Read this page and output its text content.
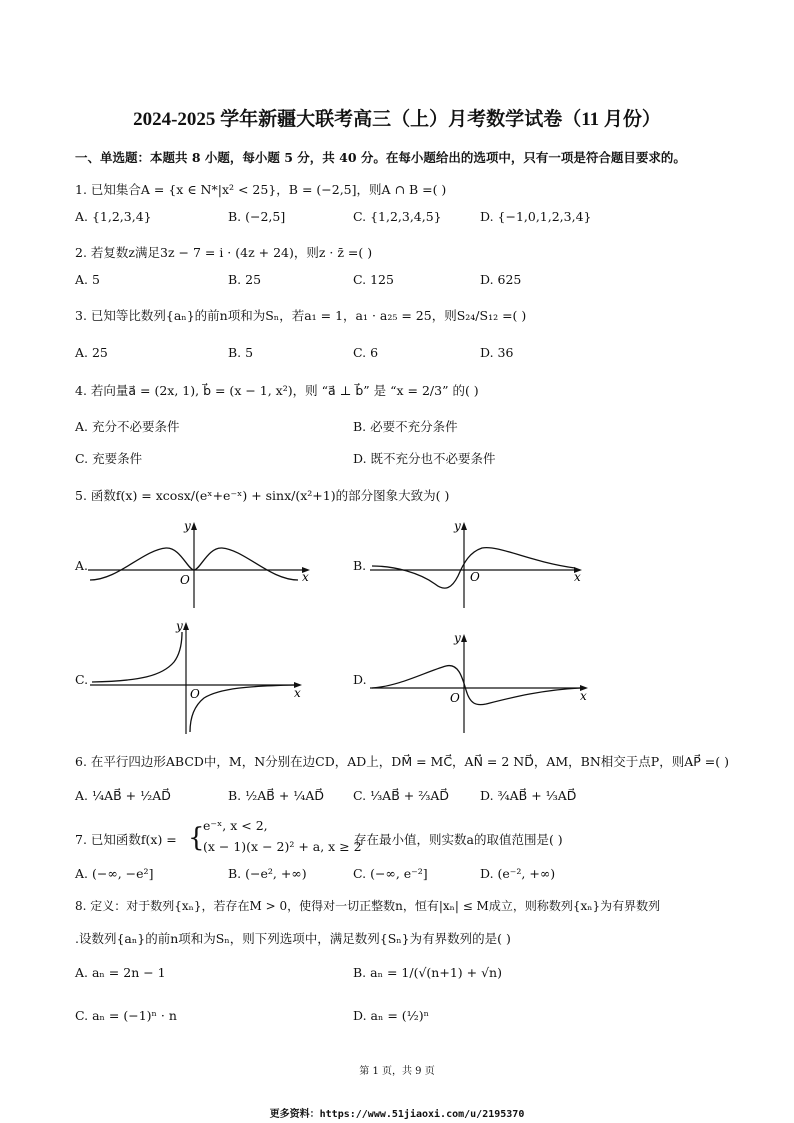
2024-2025 学年新疆大联考高三（上）月考数学试卷（11 月份）
一、单选题：本题共 8 小题，每小题 5 分，共 40 分。在每小题给出的选项中，只有一项是符合题目要求的。
1. 已知集合A = {x ∈ N*|x² < 25}，B = (−2,5]，则A ∩ B =( )
A. {1,2,3,4}	B. (−2,5]	C. {1,2,3,4,5}	D. {−1,0,1,2,3,4}
2. 若复数z满足3z − 7 = i · (4z + 24)，则z · z̄ =( )
A. 5	B. 25	C. 125	D. 625
3. 已知等比数列{aₙ}的前n项和为Sₙ，若a₁ = 1，a₁ · a₂₅ = 25，则S₂₄/S₁₂ =( )
A. 25	B. 5	C. 6	D. 36
4. 若向量a⃗ = (2x, 1), b⃗ = (x − 1, x²)，则 “a⃗ ⊥ b⃗” 是 “x = 2/3” 的( )
A. 充分不必要条件	B. 必要不充分条件
C. 充要条件	D. 既不充分也不必要条件
5. 函数f(x) = xcosx/(eˣ+e⁻ˣ) + sinx/(x²+1)的部分图象大致为( )
A.
O	x
y
B.
O	x
y
C.
O	x
y
D.
O	x
y
6. 在平行四边形ABCD中，M，N分别在边CD，AD上，DM⃗ = MC⃗，AN⃗ = 2 ND⃗，AM，BN相交于点P，则AP⃗ =( )
A. ¼AB⃗ + ½AD⃗	B. ½AB⃗ + ¼AD⃗ C. ⅓AB⃗ + ⅔AD⃗ D. ¾AB⃗ + ⅓AD⃗
7. 已知函数f(x) = {
e⁻ˣ, x < 2,
(x − 1)(x − 2)² + a, x ≥ 2
存在最小值，则实数a的取值范围是( )
A. (−∞, −e²]	B. (−e², +∞)	C. (−∞, e⁻²]	D. (e⁻², +∞)
8. 定义：对于数列{xₙ}，若存在M > 0，使得对一切正整数n，恒有|xₙ| ≤ M成立，则称数列{xₙ}为有界数列
.设数列{aₙ}的前n项和为Sₙ，则下列选项中，满足数列{Sₙ}为有界数列的是( )
A. aₙ = 2n − 1	B. aₙ = 1/(√(n+1) + √n)
C. aₙ = (−1)ⁿ · n	D. aₙ = (½)ⁿ
第 1 页，共 9 页
更多资料：https://www.51jiaoxi.com/u/2195370
